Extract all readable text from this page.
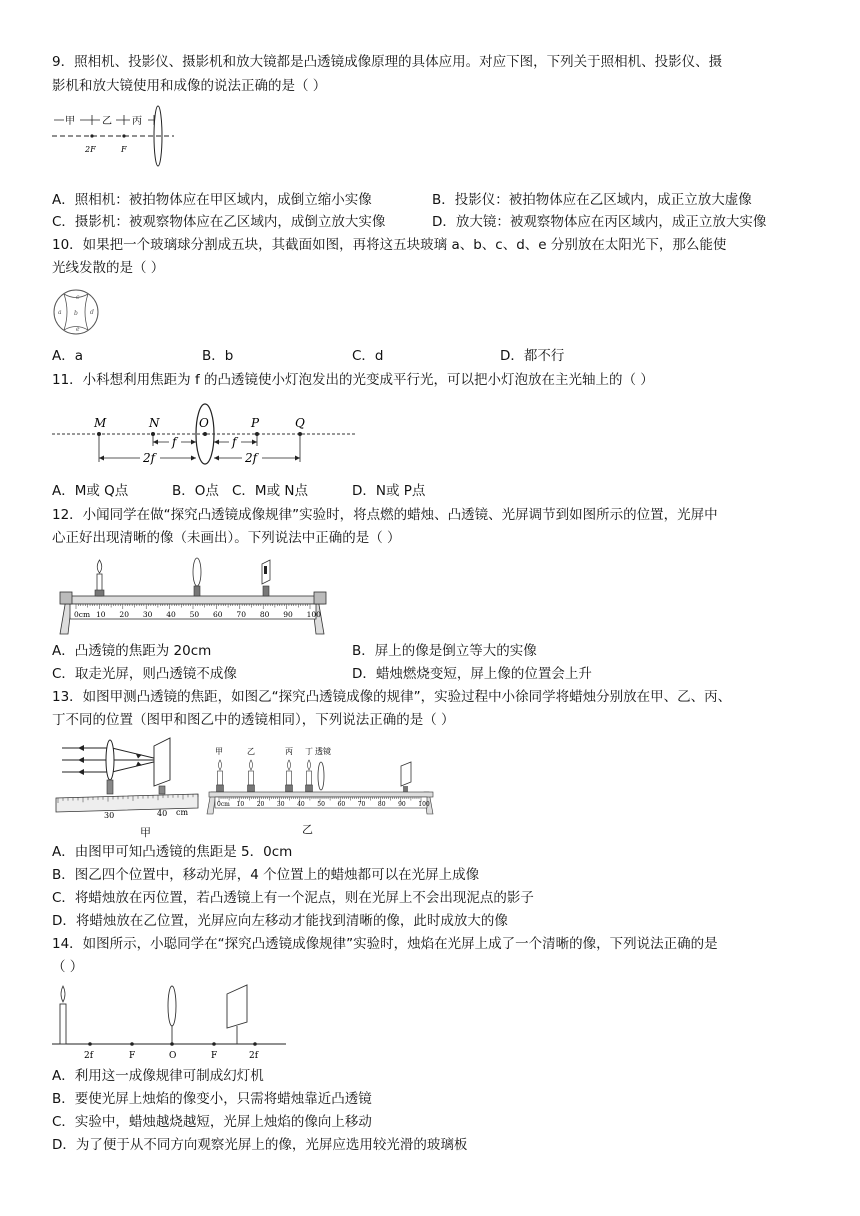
9．照相机、投影仪、摄影机和放大镜都是凸透镜成像原理的具体应用。对应下图，下列关于照相机、投影仪、摄
影机和放大镜使用和成像的说法正确的是（ ）
甲	乙 丙
2F	F
A．照相机：被拍物体应在甲区域内，成倒立缩小实像	B．投影仪：被拍物体应在乙区域内，成正立放大虚像
C．摄影机：被观察物体应在乙区域内，成倒立放大实像	D．放大镜：被观察物体应在丙区域内，成正立放大实像
10．如果把一个玻璃球分割成五块，其截面如图，再将这五块玻璃 a、b、c、d、e 分别放在太阳光下，那么能使
光线发散的是（ ）
c
a b d
e
A．a	B．b	C．d	D．都不行
11．小科想利用焦距为 f 的凸透镜使小灯泡发出的光变成平行光，可以把小灯泡放在主光轴上的（ ）
M	N	O	P	Q
f	f
2f	2f
A．M或 Q点	B．O点 C．M或 N点	D．N或 P点
12．小闻同学在做“探究凸透镜成像规律”实验时，将点燃的蜡烛、凸透镜、光屏调节到如图所示的位置，光屏中
心正好出现清晰的像（未画出）。下列说法中正确的是（ ）
0cm 10 20 30 40 50 60 70 80 90 100
A．凸透镜的焦距为 20cm	B．屏上的像是倒立等大的实像
C．取走光屏，则凸透镜不成像	D．蜡烛燃烧变短，屏上像的位置会上升
13．如图甲测凸透镜的焦距，如图乙“探究凸透镜成像的规律”，实验过程中小徐同学将蜡烛分别放在甲、乙、丙、
丁不同的位置（图甲和图乙中的透镜相同），下列说法正确的是（ ）
30	40 cm
甲
甲	乙	丙 丁 透镜
0cm 10 20 30 40 50 60 70 80 90 100
乙
A．由图甲可知凸透镜的焦距是 5．0cm
B．图乙四个位置中，移动光屏，4 个位置上的蜡烛都可以在光屏上成像
C．将蜡烛放在丙位置，若凸透镜上有一个泥点，则在光屏上不会出现泥点的影子
D．将蜡烛放在乙位置，光屏应向左移动才能找到清晰的像，此时成放大的像
14．如图所示，小聪同学在“探究凸透镜成像规律”实验时，烛焰在光屏上成了一个清晰的像，下列说法正确的是
（ ）
2f	F	O	F	2f
A．利用这一成像规律可制成幻灯机
B．要使光屏上烛焰的像变小，只需将蜡烛靠近凸透镜
C．实验中，蜡烛越烧越短，光屏上烛焰的像向上移动
D．为了便于从不同方向观察光屏上的像，光屏应选用较光滑的玻璃板
